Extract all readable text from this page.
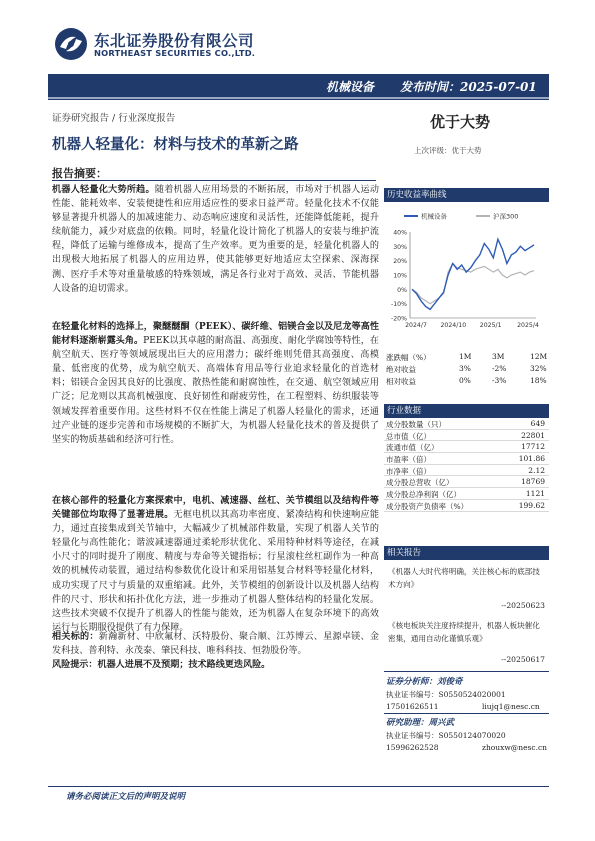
东北证券股份有限公司
NORTHEAST SECURITIES CO.,LTD.
机械设备 发布时间：2025-07-01
证券研究报告 / 行业深度报告	优于大势
机器人轻量化：材料与技术的革新之路	上次评级：优于大势
报告摘要：
机器人轻量化大势所趋。随着机器人应用场景的不断拓展，市场对于机器人运动性能、能耗效率、安装便捷性和应用适应性的要求日益严苛。轻量化技术不仅能够显著提升机器人的加减速能力、动态响应速度和灵活性，还能降低能耗，提升续航能力，减少对底盘的依赖。同时，轻量化设计简化了机器人的安装与维护流程，降低了运输与维修成本，提高了生产效率。更为重要的是，轻量化机器人的出现极大地拓展了机器人的应用边界，使其能够更好地适应太空探索、深海探测、医疗手术等对重量敏感的特殊领域，满足各行业对于高效、灵活、节能机器人设备的迫切需求。
在轻量化材料的选择上，聚醚醚酮（PEEK）、碳纤维、铝镁合金以及尼龙等高性能材料逐渐崭露头角。PEEK以其卓越的耐高温、高强度、耐化学腐蚀等特性，在航空航天、医疗等领域展现出巨大的应用潜力；碳纤维则凭借其高强度、高模量、低密度的优势，成为航空航天、高端体育用品等行业追求轻量化的首选材料；铝镁合金因其良好的比强度、散热性能和耐腐蚀性，在交通、航空领域应用广泛；尼龙则以其高机械强度、良好韧性和耐疲劳性，在工程塑料、纺织服装等领域发挥着重要作用。这些材料不仅在性能上满足了机器人轻量化的需求，还通过产业链的逐步完善和市场规模的不断扩大，为机器人轻量化技术的普及提供了坚实的物质基础和经济可行性。
在核心部件的轻量化方案探索中，电机、减速器、丝杠、关节模组以及结构件等关键部位均取得了显著进展。无框电机以其高功率密度、紧凑结构和快速响应能力，通过直接集成到关节轴中，大幅减少了机械部件数量，实现了机器人关节的轻量化与高性能化；谐波减速器通过柔轮形状优化、采用特种材料等途径，在减小尺寸的同时提升了刚度、精度与寿命等关键指标；行星滚柱丝杠副作为一种高效的机械传动装置，通过结构参数优化设计和采用铝基复合材料等轻量化材料，成功实现了尺寸与质量的双重缩减。此外，关节模组的创新设计以及机器人结构件的尺寸、形状和拓扑优化方法，进一步推动了机器人整体结构的轻量化发展。这些技术突破不仅提升了机器人的性能与能效，还为机器人在复杂环境下的高效运行与长期服役提供了有力保障。
相关标的：新瀚新材、中欣氟材、沃特股份、聚合顺、江苏博云、星源卓镁、金发科技、普利特、永茂泰、肇民科技、唯科科技、恒勃股份等。
风险提示：机器人进展不及预期；技术路线更迭风险。
历史收益率曲线
40%
30%
20%
10%
0%
-10%
-20%
2024/7 2024/10 2025/1	2025/4
机械设备	沪深300
涨跌幅（%）	1M	3M	12M
绝对收益	3%	-2%	32%
相对收益	0%	-3%	18%
行业数据
成分股数量（只）	649
总市值（亿）	22801
流通市值（亿）	17712
市盈率（倍）	101.86
市净率（倍）	2.12
成分股总营收（亿）	18769
成分股总净利润（亿）	1121
成分股资产负债率（%）	199.62
相关报告
《机器人大时代将明确，关注核心标的底部技术方向》
--20250623
《核电板块关注度持续提升，机器人板块催化密集，通用自动化谨慎乐观》
--20250617
证券分析师：刘俊奇
执业证书编号：S0550524020001
17501626511	liujq1@nesc.cn
研究助理：周兴武
执业证书编号：S0550124070020
15996262528	zhouxw@nesc.cn
请务必阅读正文后的声明及说明
